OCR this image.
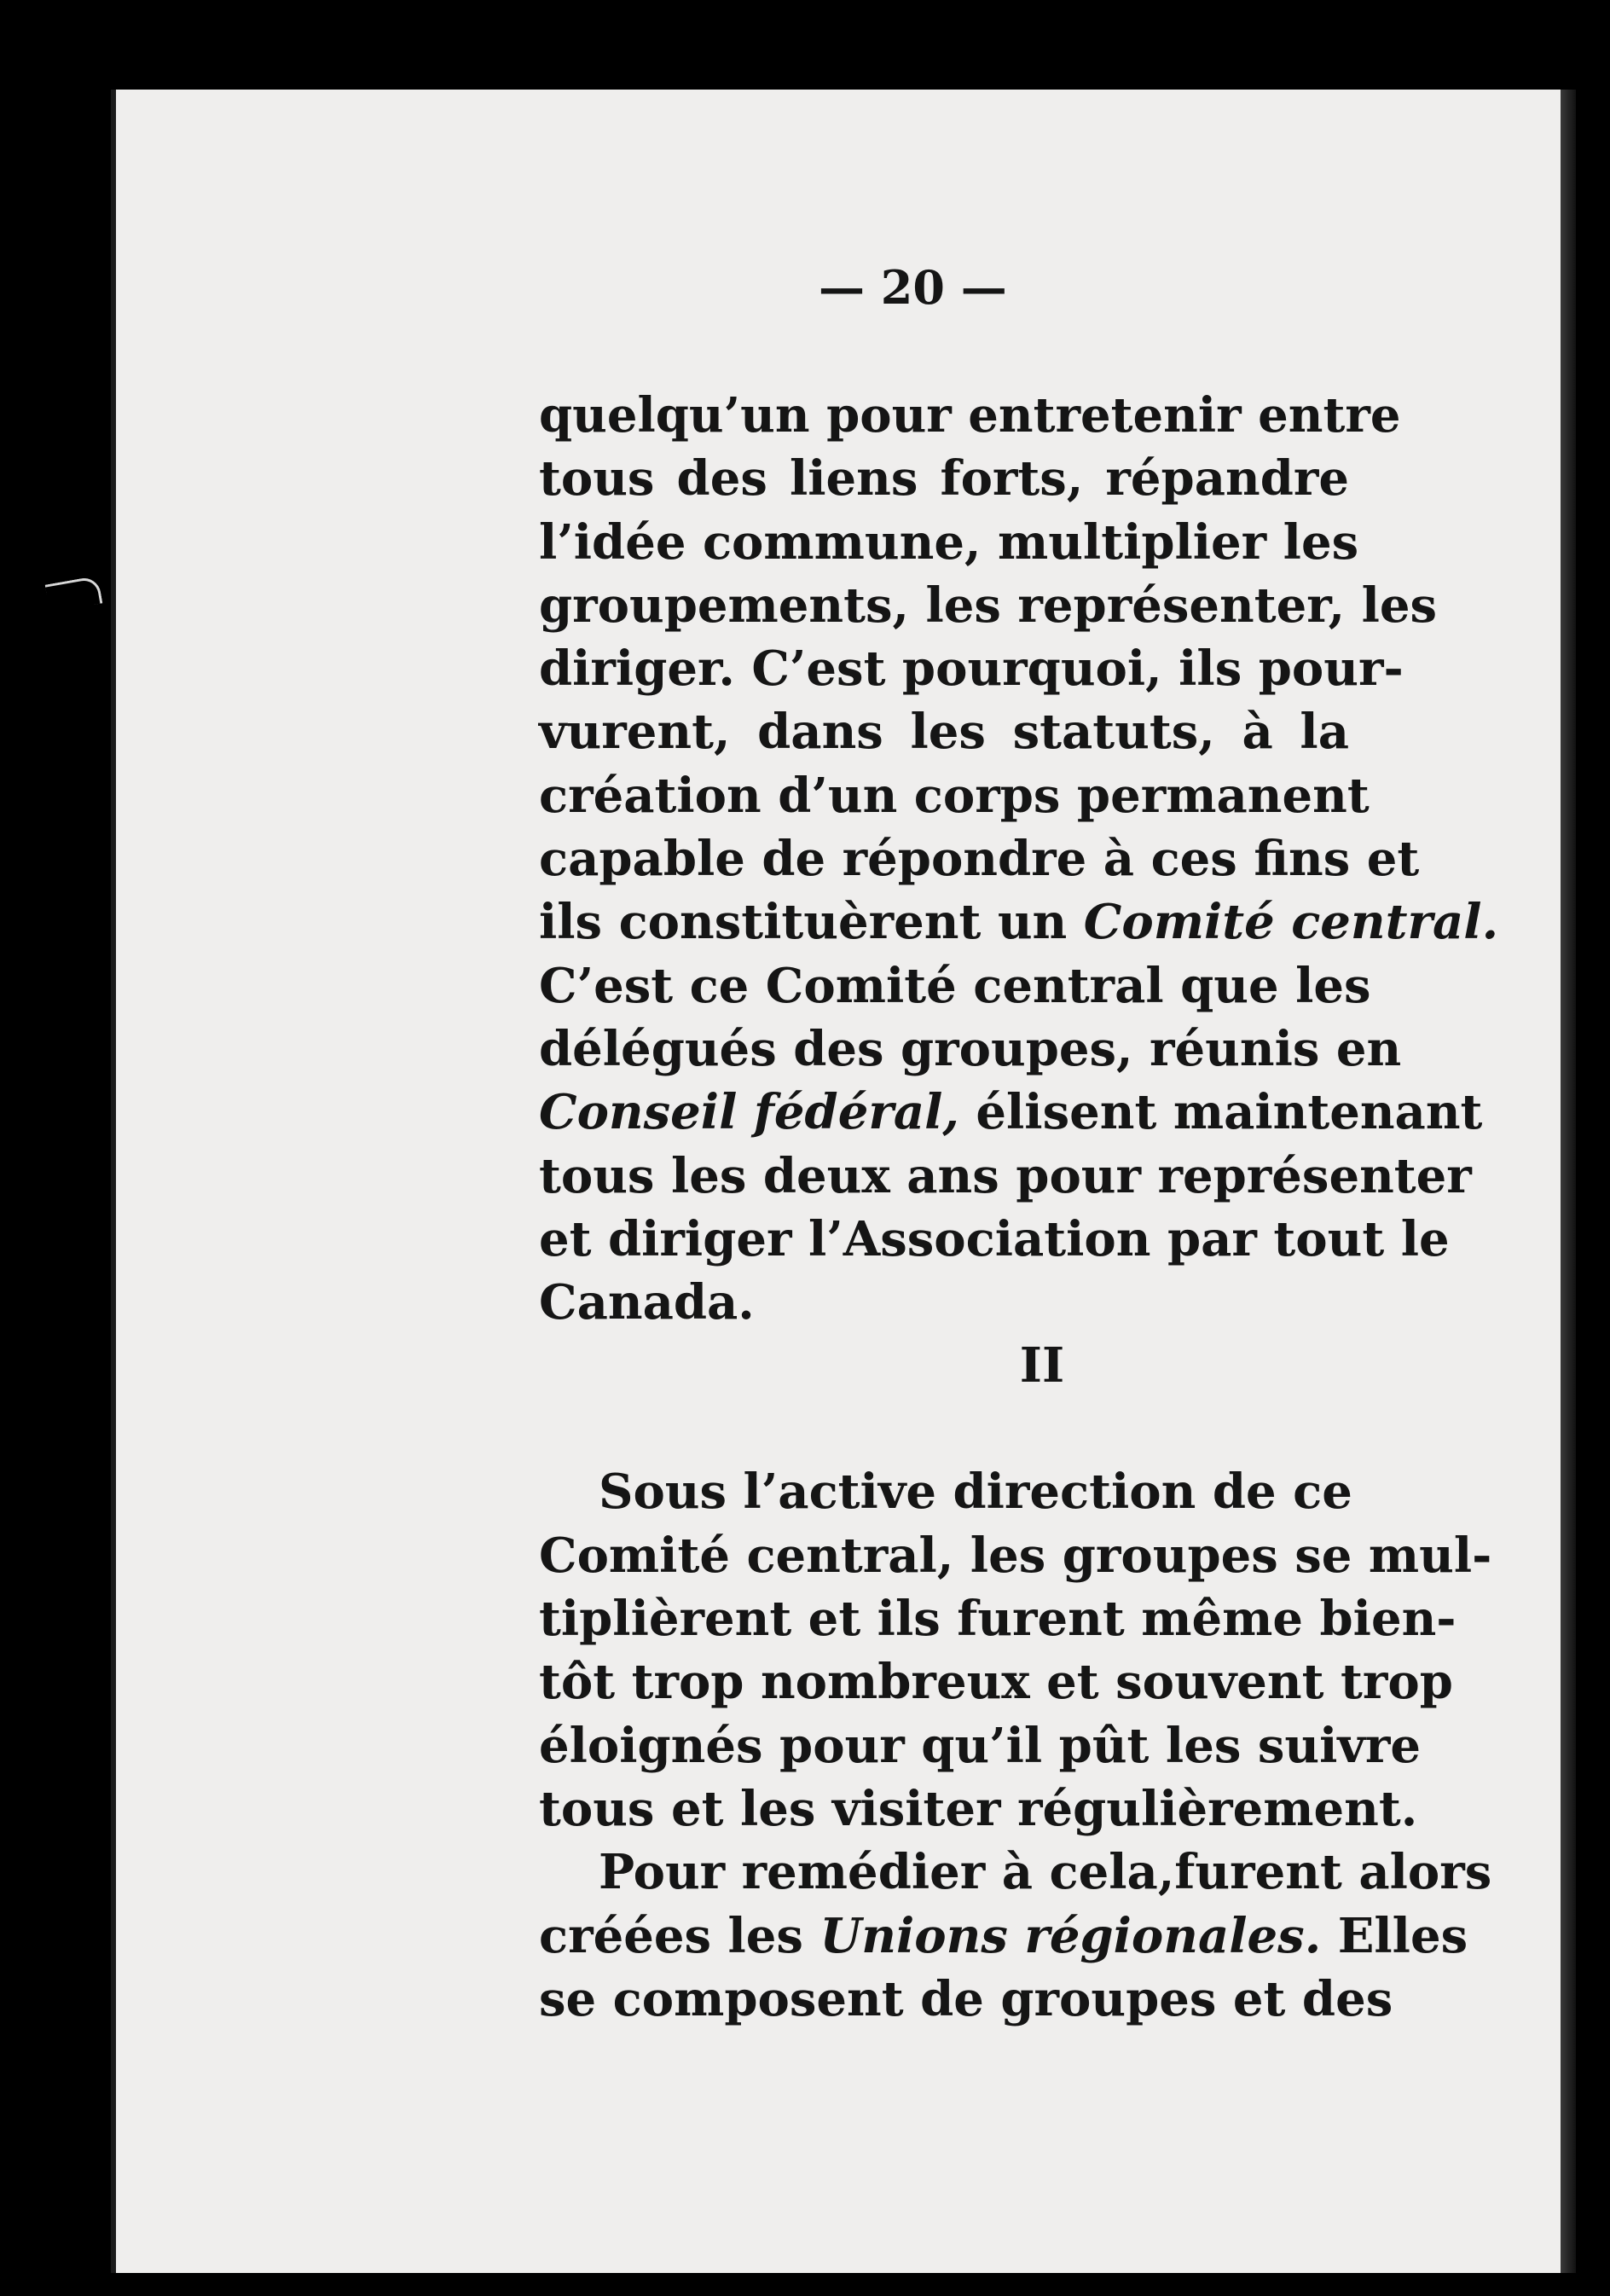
— 20 —
quelqu’un pour entretenir entre
tous des liens forts, répandre
l’idée commune, multiplier les
groupements, les représenter, les
diriger. C’est pourquoi, ils pour-
vurent, dans les statuts, à la
création d’un corps permanent
capable de répondre à ces fins et
ils constituèrent un Comité central.
C’est ce Comité central que les
délégués des groupes, réunis en
Conseil fédéral, élisent maintenant
tous les deux ans pour représenter
et diriger l’Association par tout le
Canada.
II
Sous l’active direction de ce
Comité central, les groupes se mul-
tiplièrent et ils furent même bien-
tôt trop nombreux et souvent trop
éloignés pour qu’il pût les suivre
tous et les visiter régulièrement.
Pour remédier à cela,furent alors
créées les Unions régionales. Elles
se composent de groupes et des
